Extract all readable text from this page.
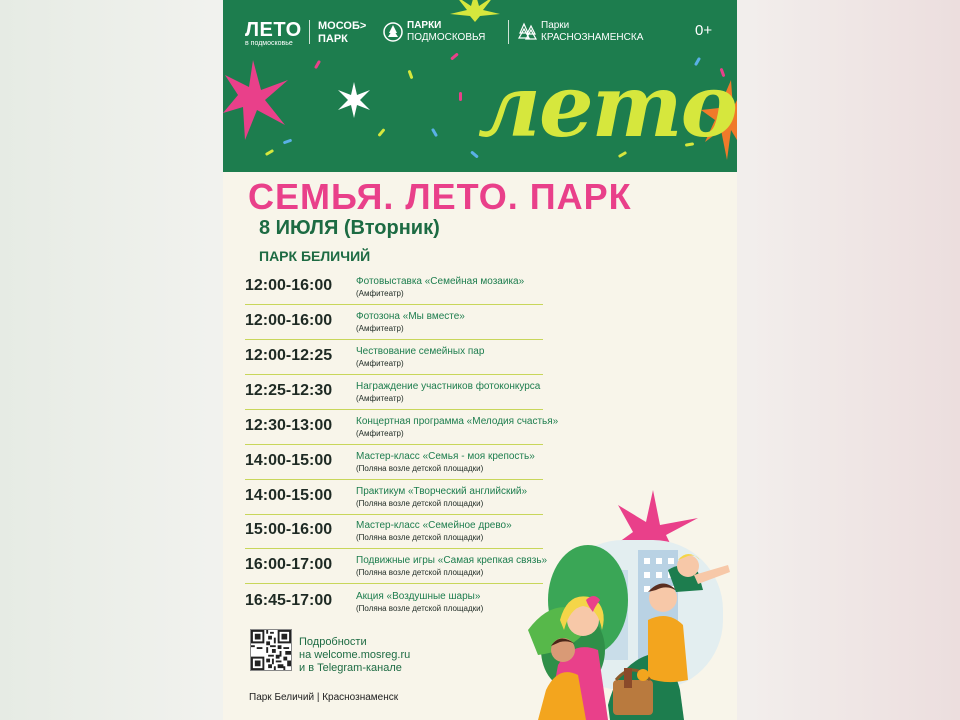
ЛЕТО
в подмосковье
МОСОБ>
ПАРК
ПАРКИ
ПОДМОСКОВЬЯ
Парки
КРАСНОЗНАМЕНСКА	0+
лето
СЕМЬЯ. ЛЕТО. ПАРК
8 ИЮЛЯ (Вторник)
ПАРК БЕЛИЧИЙ
12:00-16:00 Фотовыставка «Семейная мозаика»
(Амфитеатр)
12:00-16:00 Фотозона «Мы вместе»
(Амфитеатр)
12:00-12:25 Чествование семейных пар
(Амфитеатр)
12:25-12:30 Награждение участников фотоконкурса
(Амфитеатр)
12:30-13:00 Концертная программа «Мелодия счастья»
(Амфитеатр)
14:00-15:00 Мастер-класс «Семья - моя крепость»
(Поляна возле детской площадки)
14:00-15:00 Практикум «Творческий английский»
(Поляна возле детской площадки)
15:00-16:00 Мастер-класс «Семейное древо»
(Поляна возле детской площадки)
16:00-17:00 Подвижные игры «Самая крепкая связь»
(Поляна возле детской площадки)
16:45-17:00 Акция «Воздушные шары»
(Поляна возле детской площадки)
Подробности
на welcome.mosreg.ru
и в Telegram-канале
Парк Беличий | Краснознаменск
